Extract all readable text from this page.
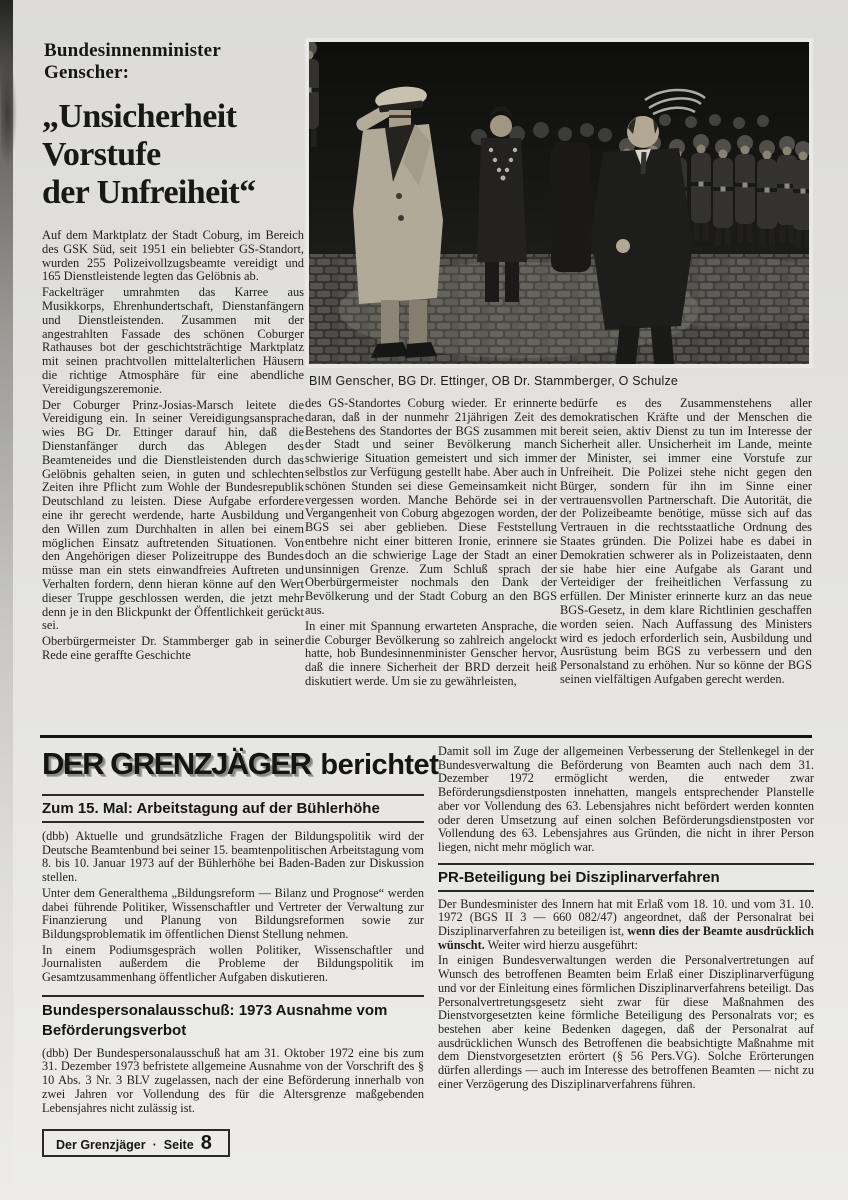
Bundesinnenminister
Genscher:
„Unsicherheit
Vorstufe
der Unfreiheit“
BIM Genscher, BG Dr. Ettinger, OB Dr. Stammberger, O Schulze

Auf dem Marktplatz der Stadt Coburg, im Bereich des GSK Süd, seit 1951 ein beliebter GS-Standort, wurden 255 Polizeivollzugsbeamte vereidigt und 165 Dienstleistende legten das Gelöbnis ab.

Fackelträger umrahmten das Karree aus Musikkorps, Ehrenhundertschaft, Dienstanfängern und Dienstleistenden. Zusammen mit der angestrahlten Fassade des schönen Coburger Rathauses bot der geschichtsträchtige Marktplatz mit seinen prachtvollen mittelalterlichen Häusern die richtige Atmosphäre für eine abendliche Vereidigungszeremonie.

Der Coburger Prinz-Josias-Marsch leitete die Vereidigung ein. In seiner Vereidigungsansprache wies BG Dr. Ettinger darauf hin, daß die Dienstanfänger durch das Ablegen des Beamteneides und die Dienstleistenden durch das Gelöbnis gehalten seien, in guten und schlechten Zeiten ihre Pflicht zum Wohle der Bundesrepublik Deutschland zu leisten. Diese Aufgabe erfordere eine ihr gerecht werdende, harte Ausbildung und den Willen zum Durchhalten in allen bei einem möglichen Einsatz auftretenden Situationen. Von den Angehörigen dieser Polizeitruppe des Bundes müsse man ein stets einwandfreies Auftreten und Verhalten fordern, denn hieran könne auf den Wert dieser Truppe geschlossen werden, die jetzt mehr denn je in den Blickpunkt der Öffentlichkeit gerückt sei.

Oberbürgermeister Dr. Stammberger gab in seiner Rede eine geraffte Geschichte

des GS-Standortes Coburg wieder. Er erinnerte daran, daß in der nunmehr 21jährigen Zeit des Bestehens des Standortes der BGS zusammen mit der Stadt und seiner Bevölkerung manch schwierige Situation gemeistert und sich immer selbstlos zur Verfügung gestellt habe. Aber auch in schönen Stunden sei diese Gemeinsamkeit nicht vergessen worden. Manche Behörde sei in der Vergangenheit von Coburg abgezogen worden, der BGS sei aber geblieben. Diese Feststellung entbehre nicht einer bitteren Ironie, erinnere sie doch an die schwierige Lage der Stadt an einer unsinnigen Grenze. Zum Schluß sprach der Oberbürgermeister nochmals den Dank der Bevölkerung und der Stadt Coburg an den BGS aus.

In einer mit Spannung erwarteten Ansprache, die die Coburger Bevölkerung so zahlreich angelockt hatte, hob Bundesinnenminister Genscher hervor, daß die innere Sicherheit der BRD derzeit heiß diskutiert werde. Um sie zu gewährleisten,

bedürfe es des Zusammenstehens aller demokratischen Kräfte und der Menschen die bereit seien, aktiv Dienst zu tun im Interesse der Sicherheit aller. Unsicherheit im Lande, meinte der Minister, sei immer eine Vorstufe zur Unfreiheit. Die Polizei stehe nicht gegen den Bürger, sondern für ihn im Sinne einer vertrauensvollen Partnerschaft. Die Autorität, die der Polizeibeamte benötige, müsse sich auf das Vertrauen in die rechtsstaatliche Ordnung des Staates gründen. Die Polizei habe es dabei in Demokratien schwerer als in Polizeistaaten, denn sie habe hier eine Aufgabe als Garant und Verteidiger der freiheitlichen Verfassung zu erfüllen. Der Minister erinnerte kurz an das neue BGS-Gesetz, in dem klare Richtlinien geschaffen worden seien. Nach Auffassung des Ministers wird es jedoch erforderlich sein, Ausbildung und Ausrüstung beim BGS zu verbessern und den Personalstand zu erhöhen. Nur so könne der BGS seinen vielfältigen Aufgaben gerecht werden.

DER GRENZJÄGER berichtet
Zum 15. Mal: Arbeitstagung auf der Bühlerhöhe

(dbb) Aktuelle und grundsätzliche Fragen der Bildungspolitik wird der Deutsche Beamtenbund bei seiner 15. beamtenpolitischen Arbeitstagung vom 8. bis 10. Januar 1973 auf der Bühlerhöhe bei Baden-Baden zur Diskussion stellen.

Unter dem Generalthema „Bildungsreform — Bilanz und Prognose“ werden dabei führende Politiker, Wissenschaftler und Vertreter der Verwaltung zur Finanzierung und Planung von Bildungsreformen sowie zur Bildungsproblematik im öffentlichen Dienst Stellung nehmen.

In einem Podiumsgespräch wollen Politiker, Wissenschaftler und Journalisten außerdem die Probleme der Bildungspolitik im Gesamtzusammenhang öffentlicher Aufgaben diskutieren.

Bundespersonalausschuß: 1973 Ausnahme vom
Beförderungsverbot

(dbb) Der Bundespersonalausschuß hat am 31. Oktober 1972 eine bis zum 31. Dezember 1973 befristete allgemeine Ausnahme von der Vorschrift des § 10 Abs. 3 Nr. 3 BLV zugelassen, nach der eine Beförderung innerhalb von zwei Jahren vor Vollendung des für die Altersgrenze maßgebenden Lebensjahres nicht zulässig ist.

Der Grenzjäger · Seite 8

Damit soll im Zuge der allgemeinen Verbesserung der Stellenkegel in der Bundesverwaltung die Beförderung von Beamten auch nach dem 31. Dezember 1972 ermöglicht werden, die entweder zwar Beförderungsdienstposten innehatten, mangels entsprechender Planstelle aber vor Vollendung des 63. Lebensjahres nicht befördert werden konnten oder deren Umsetzung auf einen solchen Beförderungsdienstposten vor Vollendung des 63. Lebensjahres aus Gründen, die nicht in ihrer Person liegen, nicht mehr möglich war.

PR-Beteiligung bei Disziplinarverfahren

Der Bundesminister des Innern hat mit Erlaß vom 18. 10. und vom 31. 10. 1972 (BGS II 3 — 660 082/47) angeordnet, daß der Personalrat bei Disziplinarverfahren zu beteiligen ist, wenn dies der Beamte ausdrücklich wünscht. Weiter wird hierzu ausgeführt:

In einigen Bundesverwaltungen werden die Personalvertretungen auf Wunsch des betroffenen Beamten beim Erlaß einer Disziplinarverfügung und vor der Einleitung eines förmlichen Disziplinarverfahrens beteiligt. Das Personalvertretungsgesetz sieht zwar für diese Maßnahmen des Dienstvorgesetzten keine förmliche Beteiligung des Personalrats vor; es bestehen aber keine Bedenken dagegen, daß der Personalrat auf ausdrücklichen Wunsch des Betroffenen die beabsichtigte Maßnahme mit dem Dienstvorgesetzten erörtert (§ 56 Pers.VG). Solche Erörterungen dürfen allerdings — auch im Interesse des betroffenen Beamten — nicht zu einer Verzögerung des Disziplinarverfahrens führen.
